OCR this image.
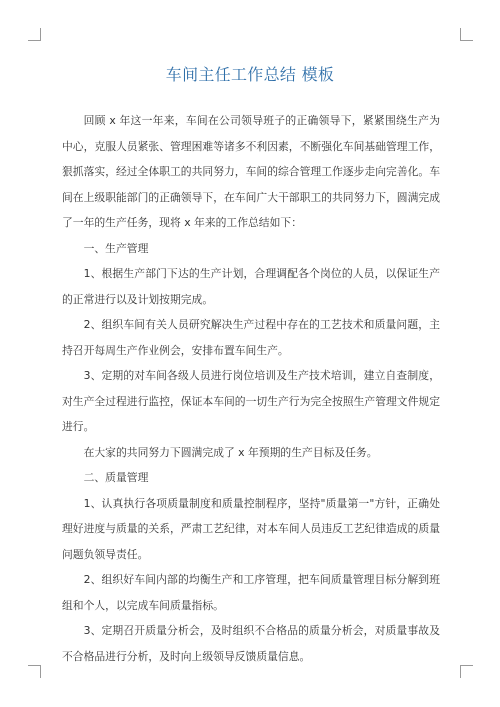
车间主任工作总结 模板

回顾 x 年这一年来，车间在公司领导班子的正确领导下，紧紧围绕生产为中心，克服人员紧张、管理困难等诸多不利因素，不断强化车间基础管理工作，狠抓落实，经过全体职工的共同努力，车间的综合管理工作逐步走向完善化。车间在上级职能部门的正确领导下，在车间广大干部职工的共同努力下，圆满完成了一年的生产任务，现将 x 年来的工作总结如下：

一、生产管理

1、根据生产部门下达的生产计划，合理调配各个岗位的人员，以保证生产的正常进行以及计划按期完成。

2、组织车间有关人员研究解决生产过程中存在的工艺技术和质量问题，主持召开每周生产作业例会，安排布置车间生产。

3、定期的对车间各级人员进行岗位培训及生产技术培训，建立自查制度，对生产全过程进行监控，保证本车间的一切生产行为完全按照生产管理文件规定进行。

在大家的共同努力下圆满完成了 x 年预期的生产目标及任务。

二、质量管理

1、认真执行各项质量制度和质量控制程序，坚持"质量第一"方针，正确处理好进度与质量的关系，严肃工艺纪律，对本车间人员违反工艺纪律造成的质量问题负领导责任。

2、组织好车间内部的均衡生产和工序管理，把车间质量管理目标分解到班组和个人，以完成车间质量指标。

3、定期召开质量分析会，及时组织不合格品的质量分析会，对质量事故及不合格品进行分析，及时向上级领导反馈质量信息。
